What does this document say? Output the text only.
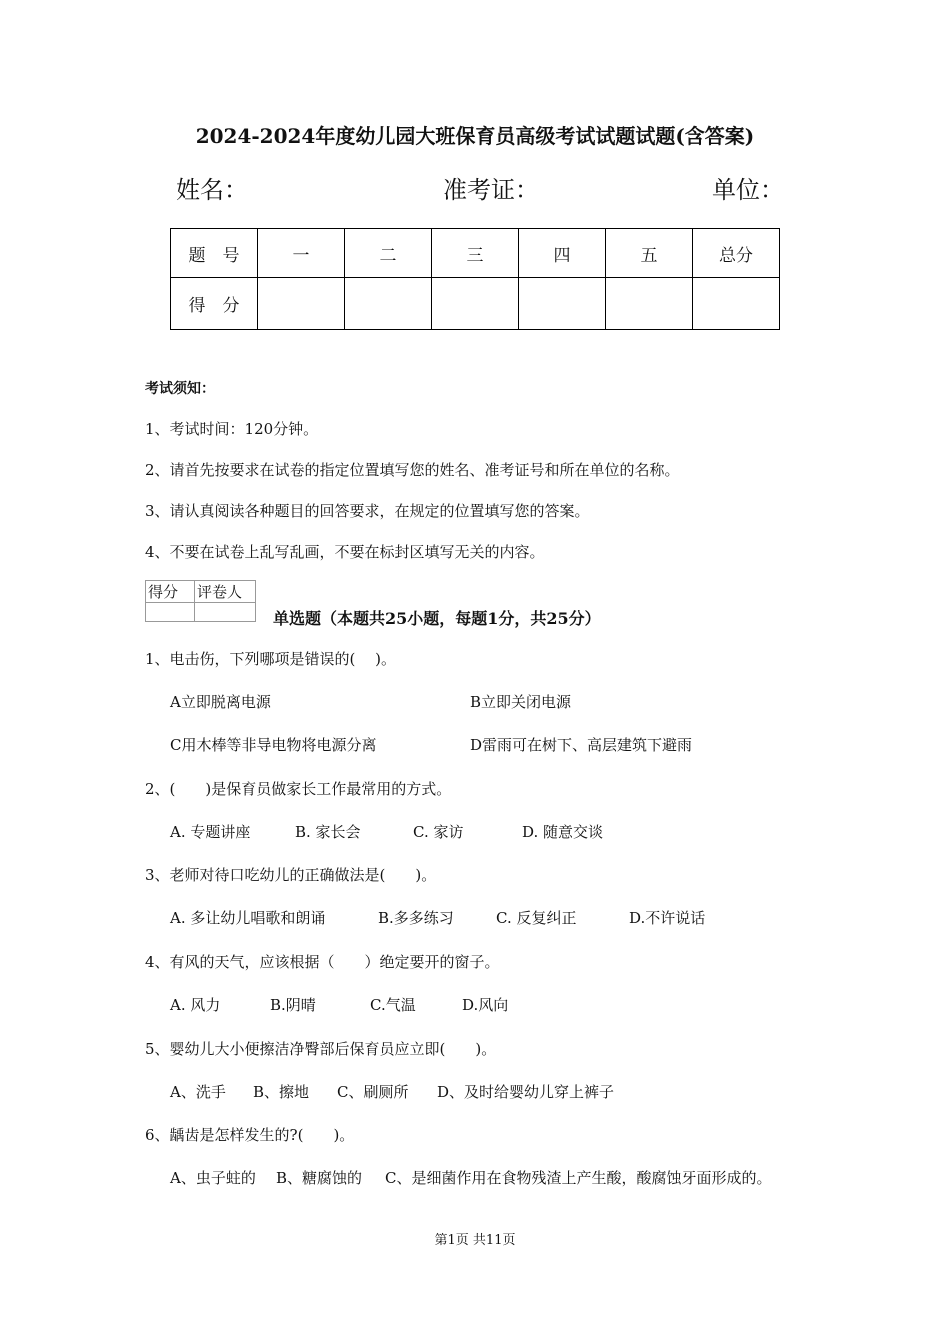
2024-2024年度幼儿园大班保育员高级考试试题试题(含答案)
姓名：	准考证：	单位：
题　号	一	二	三	四	五	总分
得　分						
考试须知：
1、考试时间：120分钟。
2、请首先按要求在试卷的指定位置填写您的姓名、准考证号和所在单位的名称。
3、请认真阅读各种题目的回答要求，在规定的位置填写您的答案。
4、不要在试卷上乱写乱画，不要在标封区填写无关的内容。
得分	评卷人

单选题（本题共25小题，每题1分，共25分）
1、电击伤，下列哪项是错误的(　 )。
A立即脱离电源	B立即关闭电源
C用木棒等非导电物将电源分离	D雷雨可在树下、高层建筑下避雨
2、(　　)是保育员做家长工作最常用的方式。
A. 专题讲座	B. 家长会	C. 家访	D. 随意交谈
3、老师对待口吃幼儿的正确做法是(　　)。
A. 多让幼儿唱歌和朗诵	B.多多练习	C. 反复纠正	D.不许说话
4、有风的天气，应该根据（　　）绝定要开的窗子。
A. 风力	B.阴晴	C.气温	D.风向
5、婴幼儿大小便擦洁净臀部后保育员应立即(　　)。
A、洗手 B、擦地 C、刷厕所 D、及时给婴幼儿穿上裤子
6、龋齿是怎样发生的?(　　)。
A、虫子蛀的 B、糖腐蚀的 C、是细菌作用在食物残渣上产生酸，酸腐蚀牙面形成的。
第1页 共11页
